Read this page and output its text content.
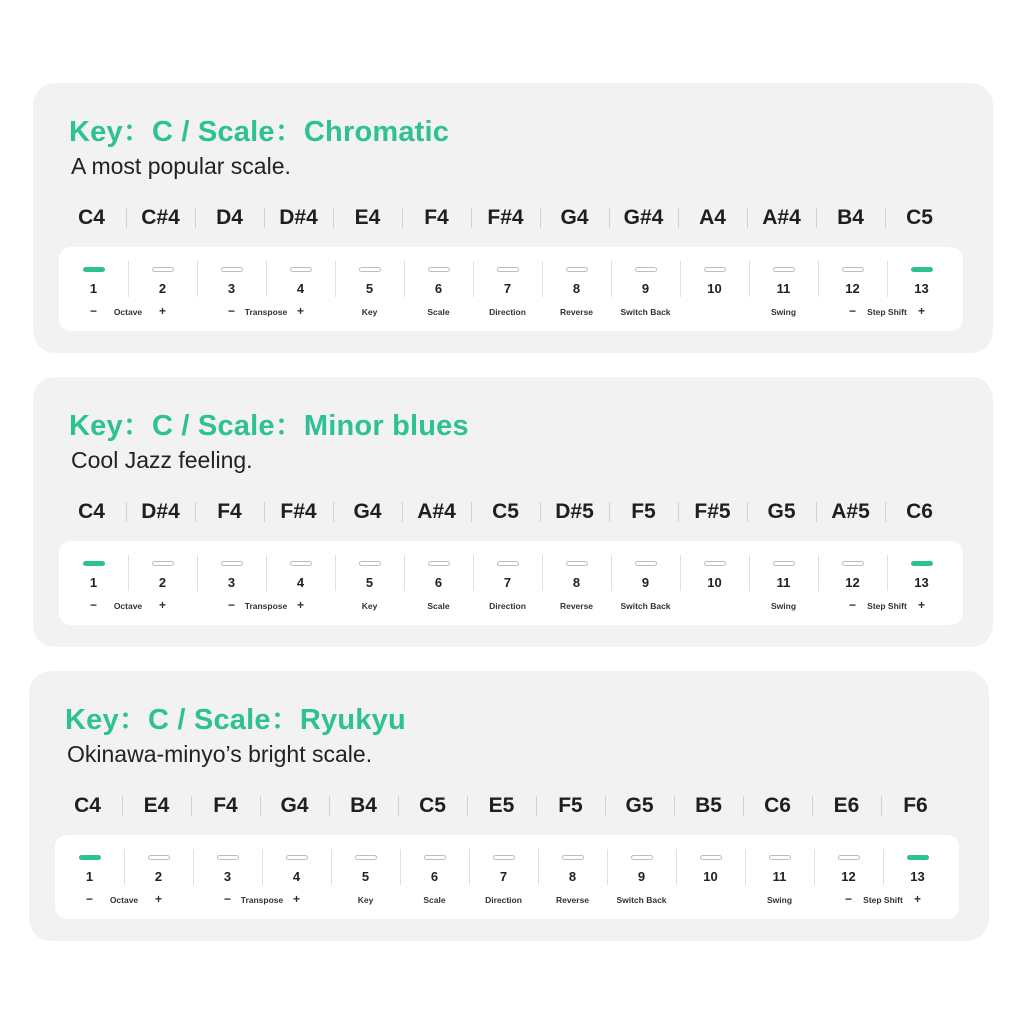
Key：C / Scale：Chromatic
A most popular scale.
C4	C#4	D4	D#4	E4	F4	F#4	G4	G#4	A4	A#4	B4	C5
1	2	3	4	5	6	7	8	9	10	11	12	13
−	Octave	+	−	Transpose +	Key	Scale	Direction	Reverse	Switch Back	Swing	−	Step Shift +
Key：C / Scale：Minor blues
Cool Jazz feeling.
C4	D#4	F4	F#4	G4	A#4	C5	D#5	F5	F#5	G5	A#5	C6
1	2	3	4	5	6	7	8	9	10	11	12	13
−	Octave	+	−	Transpose +	Key	Scale	Direction	Reverse	Switch Back	Swing	−	Step Shift +
Key：C / Scale：Ryukyu
Okinawa-minyo’s bright scale.
C4	E4	F4	G4	B4	C5	E5	F5	G5	B5	C6	E6	F6
1	2	3	4	5	6	7	8	9	10	11	12	13
−	Octave	+	−	Transpose +	Key	Scale	Direction	Reverse	Switch Back	Swing	−	Step Shift +
